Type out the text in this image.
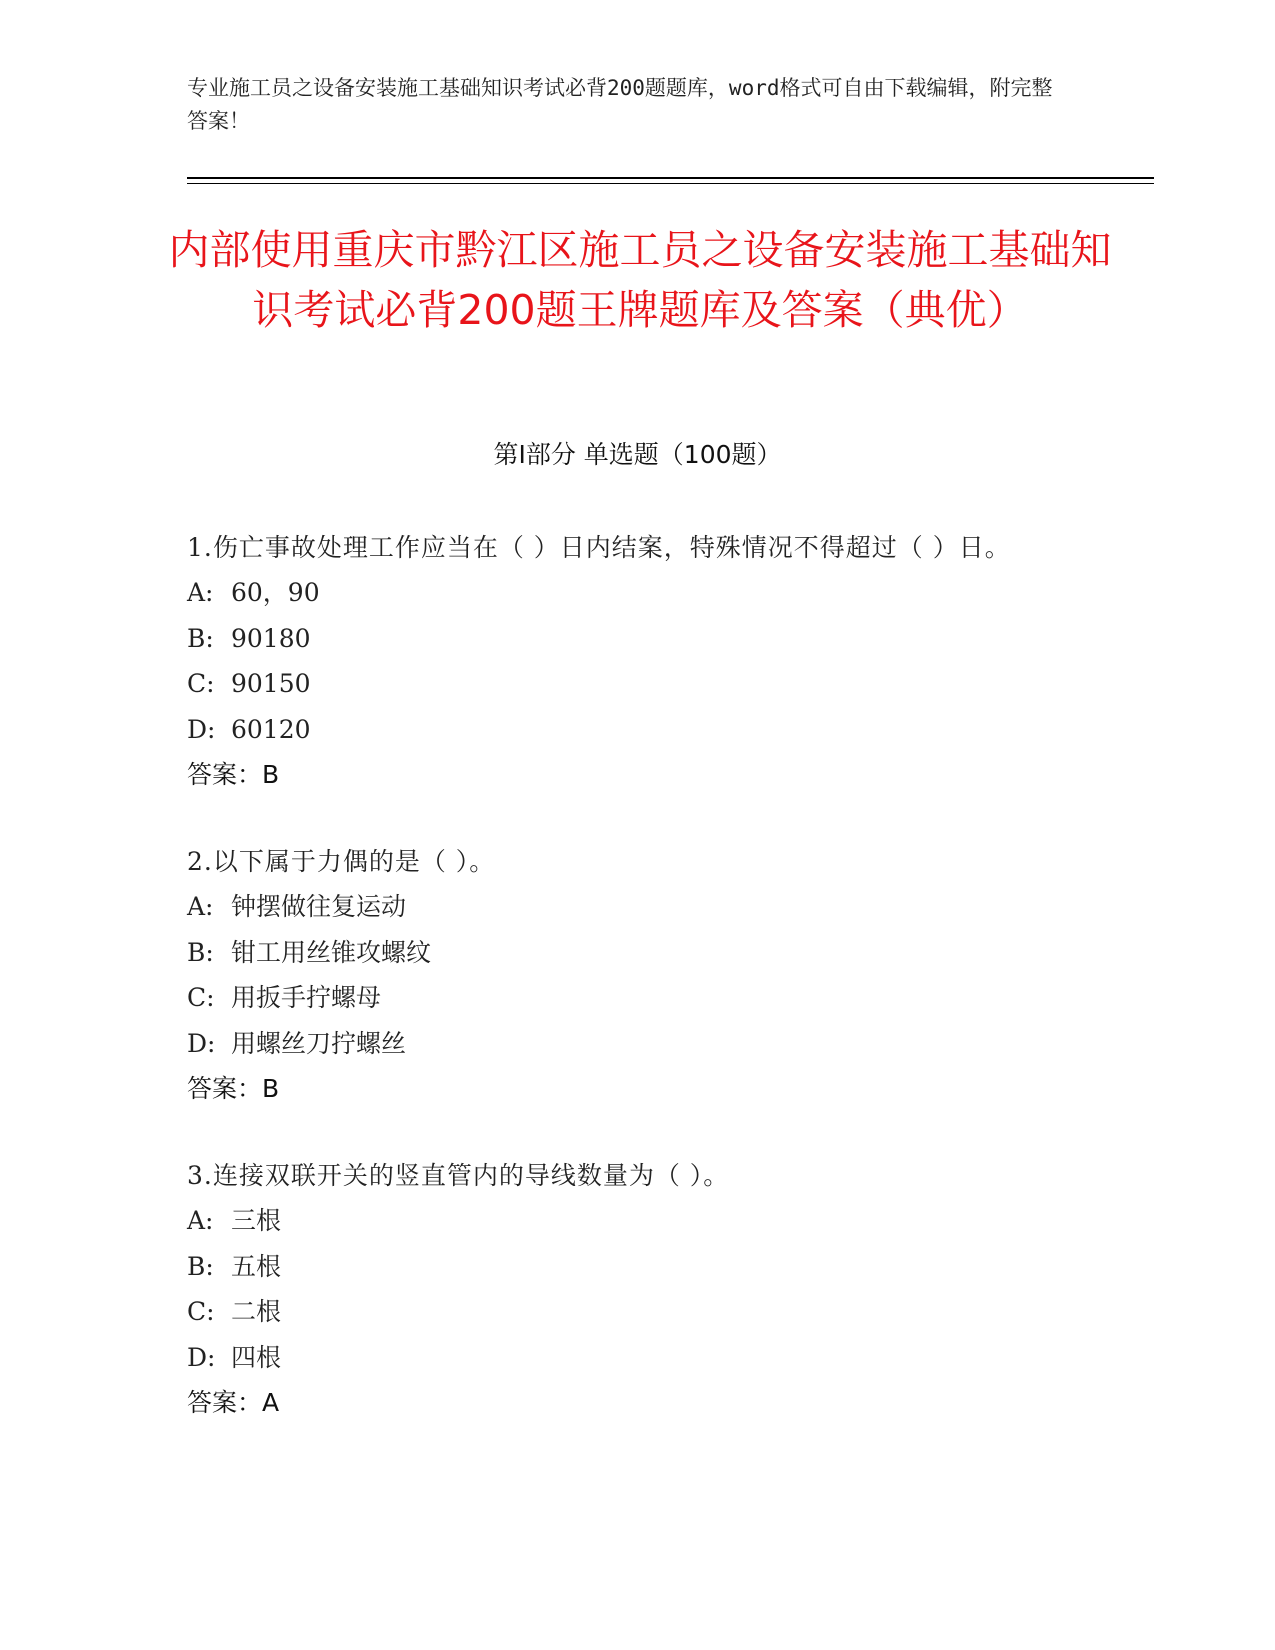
专业施工员之设备安装施工基础知识考试必背200题题库，word格式可自由下载编辑，附完整答案！
内部使用重庆市黔江区施工员之设备安装施工基础知识考试必背200题王牌题库及答案（典优）
第Ⅰ部分 单选题（100题）
1.伤亡事故处理工作应当在（ ）日内结案，特殊情况不得超过（ ）日。
A: 60，90
B: 90180
C: 90150
D: 60120
答案：B
2.以下属于力偶的是（ ）。
A: 钟摆做往复运动
B: 钳工用丝锥攻螺纹
C: 用扳手拧螺母
D: 用螺丝刀拧螺丝
答案：B
3.连接双联开关的竖直管内的导线数量为（ ）。
A: 三根
B: 五根
C: 二根
D: 四根
答案：A
